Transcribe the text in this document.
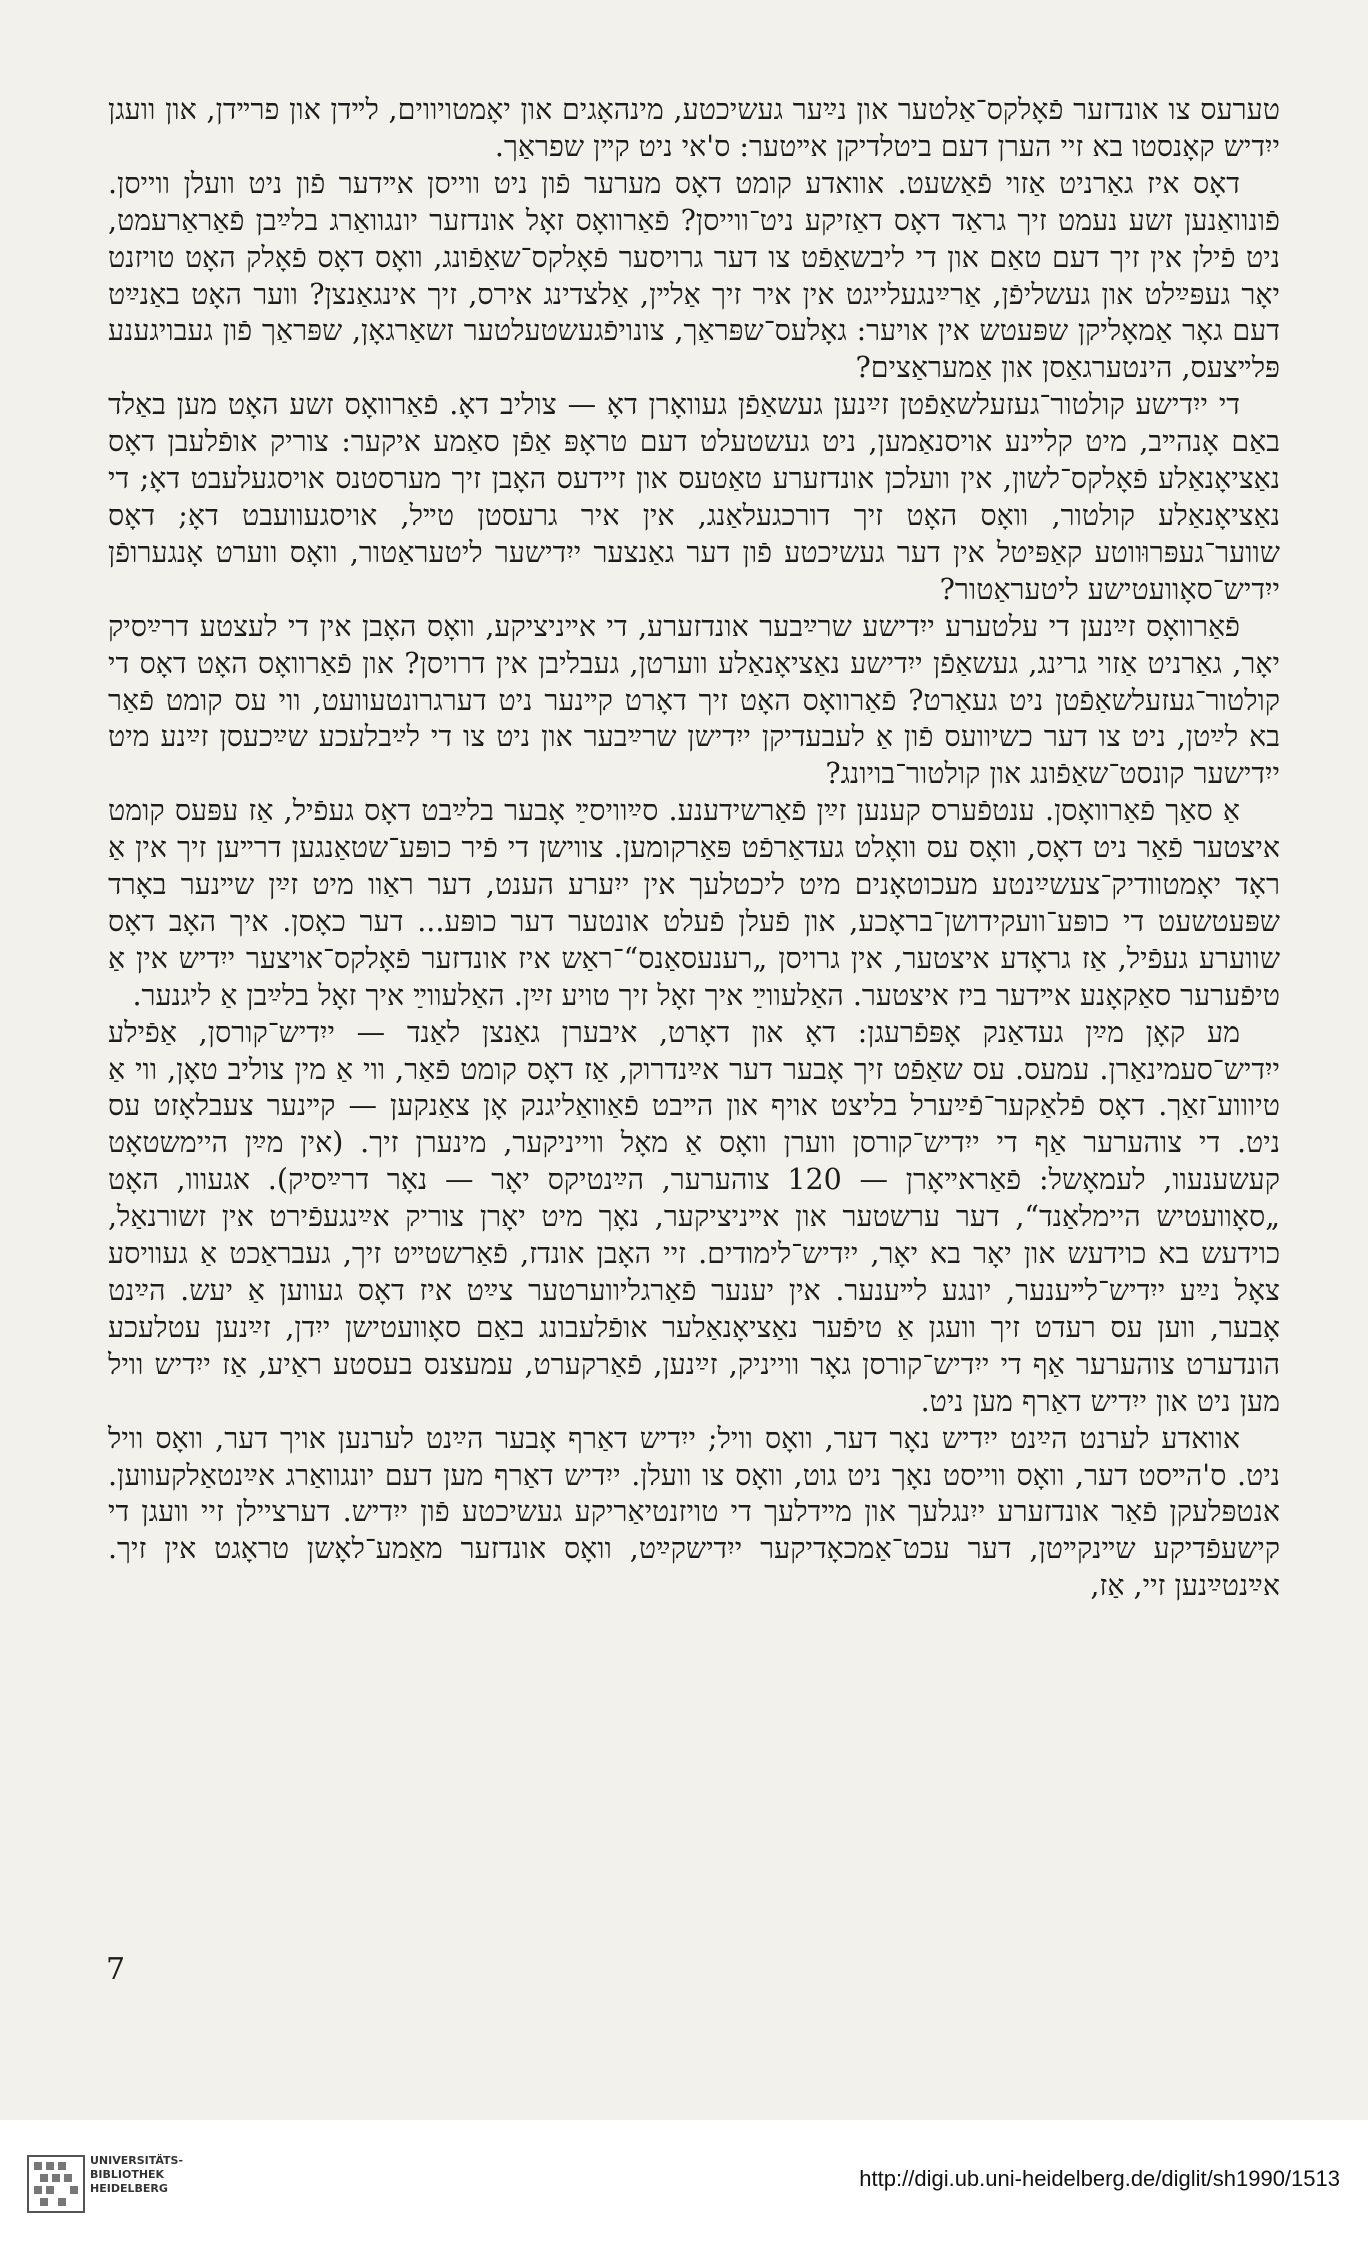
טערעס צו אונדזער פֿאָלקס־אַלטער און נײַער געשיכטע, מינהאָגים און יאָמטויווים, לײדן און פרײדן, און וועגן ייִדיש קאָנסטו בא זיי הערן דעם ביטלדיקן אײטער: ס'אי ניט קײן שפראַך.

דאָס איז גאַרניט אַזוי פֿאַשעט. אוואדע קומט דאָס מערער פֿון ניט ווייסן אײדער פֿון ניט וועלן ווייסן. פֿונוואַנען זשע נעמט זיך גראַד דאָס דאַזיקע ניט־ווייסן? פֿאַרוואָס זאָל אונדזער יונגוואַרג בלײַבן פֿאַראַרעמט, ניט פֿילן אין זיך דעם טאַם און די ליבשאַפֿט צו דער גרויסער פֿאָלקס־שאַפֿונג, וואָס דאָס פֿאָלק האָט טויזנט יאָר געפּײַלט און געשליפֿן, אַרײַנגעלייגט אין איר זיך אַלײן, אַלצדינג אירס, זיך אינגאַנצן? ווער האָט באַנײַט דעם גאָר אַמאָליקן שפּעטש אין אויער: גאָלעס־שפּראַך, צונויפֿגעשטעלטער זשאַרגאָן, שפּראַך פֿון געבויגענע פּלײצעס, הינטערגאַסן און אַמעראַצים?

די ייִדישע קולטור־געזעלשאַפֿטן זײַנען געשאַפֿן געוואָרן דאָ — צוליב דאָ. פֿאַרוואָס זשע האָט מען באַלד באַם אָנהײב, מיט קלײנע אויסנאַמען, ניט געשטעלט דעם טראָפּ אַפֿן סאַמע איקער: צוריק אופֿלעבן דאָס נאַציאָנאַלע פֿאָלקס־לשון, אין וועלכן אונדזערע טאַטעס און זיידעס האָבן זיך מערסטנס אויסגעלעבט דאָ; די נאַציאָנאַלע קולטור, וואָס האָט זיך דורכגעלאַנג, אין איר גרעסטן טײל, אויסגעוועבט דאָ; דאָס שווער־געפּרוּווטע קאַפּיטל אין דער געשיכטע פֿון דער גאַנצער ייִדישער ליטעראַטור, וואָס ווערט אָנגערופֿן ייִדיש־סאָוועטישע ליטעראַטור?

פֿאַרוואָס זײַנען די עלטערע ייִדישע שרײַבער אונדזערע, די אײניציקע, וואָס האָבן אין די לעצטע דרײַסיק יאָר, גאַרניט אַזוי גרינג, געשאַפֿן ייִדישע נאַציאָנאַלע ווערטן, געבליבן אין דרויסן? און פֿאַרוואָס האָט דאָס די קולטור־געזעלשאַפֿטן ניט געאַרט? פֿאַרוואָס האָט זיך דאָרט קײנער ניט דערגרונטעוועט, ווי עס קומט פֿאַר בא לײַטן, ניט צו דער כשיוועס פֿון אַ לעבעדיקן ייִדישן שרײַבער און ניט צו די לײַבלעכע שײַכעסן זײַנע מיט ייִדישער קונסט־שאַפֿונג און קולטור־בויונג?

אַ סאַך פֿאַרוואָסן. ענטפֿערס קענען זײַן פֿאַרשידענע. סײַוויסײַ אָבער בלײַבט דאָס געפֿיל, אַז עפּעס קומט איצטער פֿאַר ניט דאָס, וואָס עס וואָלט געדאַרפֿט פּאַרקומען. צווישן די פֿיר כופּע־שטאַנגען דרײען זיך אין אַ ראָד יאָמטוודיק־צעשײַנטע מעכוטאָנים מיט ליכטלעך אין ייִערע הענט, דער ראַוו מיט זײַן שײנער באָרד שפּעטשעט די כופּע־וועקידושן־בראָכע, און פֿעלן פֿעלט אונטער דער כופּע... דער כאָסן. איך האָב דאָס שווערע געפֿיל, אַז גראָדע איצטער, אין גרויסן „רענעסאַנס“־ראַש איז אונדזער פֿאָלקס־אויצער ייִדיש אין אַ טיפֿערער סאַקאָנע אײדער ביז איצטער. האַלעווײַ איך זאָל זיך טויע זײַן. האַלעווײַ איך זאָל בלײַבן אַ ליגנער.

מע קאָן מײַן געדאַנק אָפּפֿרעגן: דאָ און דאָרט, איבערן גאַנצן לאַנד — ייִדיש־קורסן, אַפֿילע ייִדיש־סעמינאַרן. עמעס. עס שאַפֿט זיך אָבער דער אײַנדרוק, אַז דאָס קומט פֿאַר, ווי אַ מין צוליב טאָן, ווי אַ טיוווע־זאַך. דאָס פֿלאַקער־פֿײַערל בליצט אויף און הײבט פֿאַוואַליגנק אָן צאַנקען — קײנער צעבלאָזט עס ניט. די צוהערער אַף די ייִדיש־קורסן ווערן וואָס אַ מאָל ווייניקער, מינערן זיך. (אין מײַן היימשטאָט קעשענעוו, לעמאָשל: פֿאַראײאָרן — 120 צוהערער, הײַנטיקס יאָר — נאָר דרײַסיק). אגעווו, האָט „סאָוועטיש היימלאַנד“, דער ערשטער און אײניציקער, נאָך מיט יאָרן צוריק אײַנגעפֿירט אין זשורנאַל, כוידעש בא כוידעש און יאָר בא יאָר, ייִדיש־לימודים. זיי האָבן אונדז, פֿאַרשטײט זיך, געבראַכט אַ געוויסע צאָל נײַע ייִדיש־לײענער, יונגע לײענער. אין יענער פֿאַרגליווערטער צײַט איז דאָס געווען אַ יעש. הײַנט אָבער, ווען עס רעדט זיך וועגן אַ טיפֿער נאַציאָנאַלער אופֿלעבונג באַם סאָוועטישן ייִדן, זײַנען עטלעכע הונדערט צוהערער אַף די ייִדיש־קורסן גאָר ווייניק, זײַנען, פֿאַרקערט, עמעצנס בעסטע ראַיע, אַז ייִדיש וויל מען ניט און ייִדיש דאַרף מען ניט.

אוואדע לערנט הײַנט ייִדיש נאָר דער, וואָס וויל; ייִדיש דאַרף אָבער הײַנט לערנען אויך דער, וואָס וויל ניט. ס'הײסט דער, וואָס ווייסט נאָך ניט גוט, וואָס צו וועלן. ייִדיש דאַרף מען דעם יונגוואַרג אײַנטאַלקעווען. אנטפּלעקן פֿאַר אונדזערע ייִנגלעך און מײדלעך די טויזנטיאַריקע געשיכטע פֿון ייִדיש. דערציילן זיי וועגן די קישעפֿדיקע שײנקײטן, דער עכט־אַמכאָדיקער ייִדישקײַט, וואָס אונדזער מאַמע־לאָשן טראָגט אין זיך. אײַנטײַנען זיי, אַז,

7
UNIVERSITÄTS-
BIBLIOTHEK
HEIDELBERG	http://digi.ub.uni-heidelberg.de/diglit/sh1990/1513
